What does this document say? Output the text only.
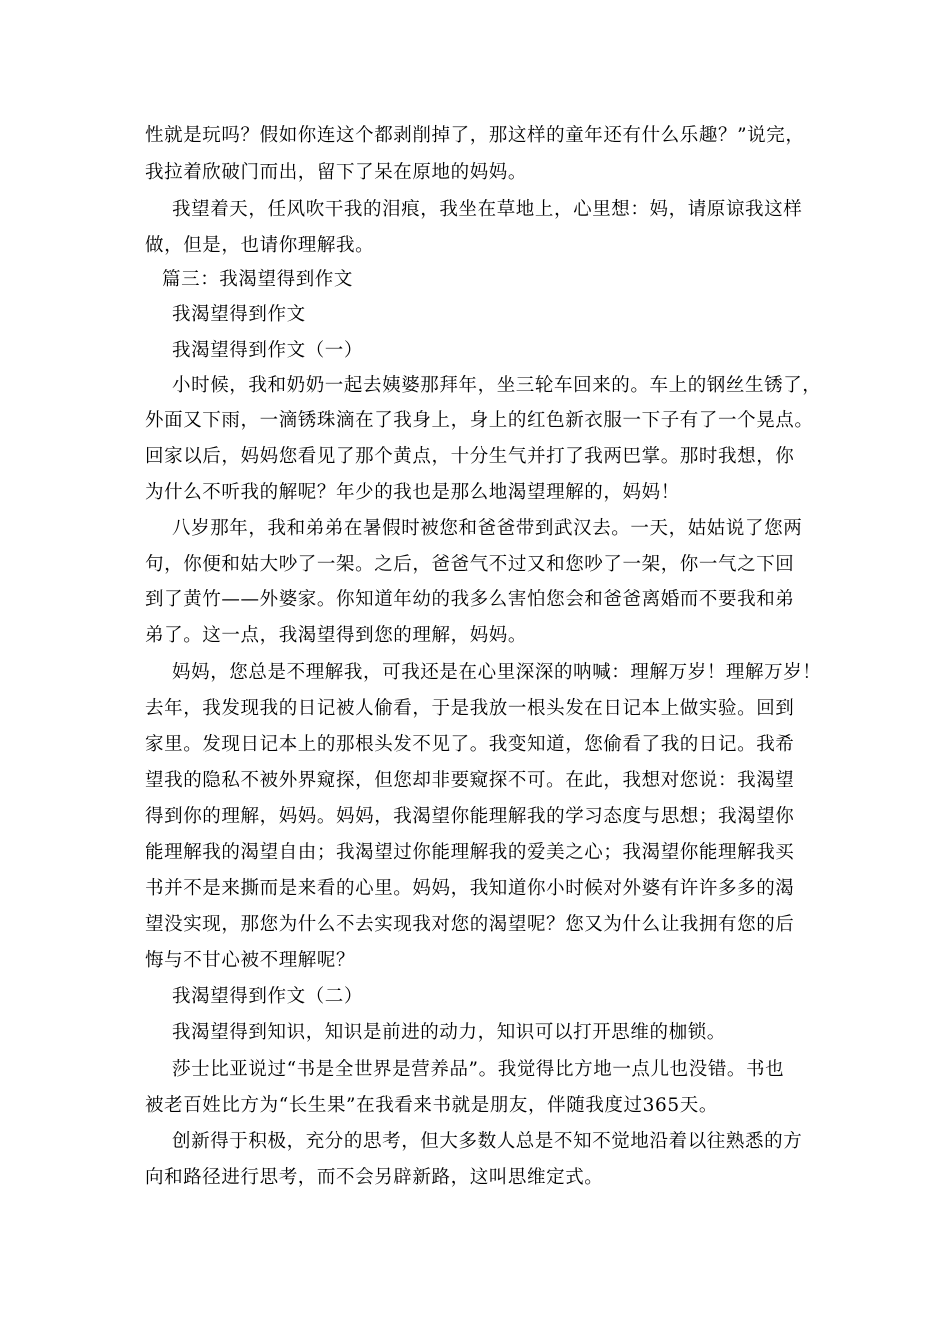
性就是玩吗？假如你连这个都剥削掉了，那这样的童年还有什么乐趣？”说完，
我拉着欣破门而出，留下了呆在原地的妈妈。
我望着天，任风吹干我的泪痕，我坐在草地上，心里想：妈，请原谅我这样
做，但是，也请你理解我。
篇三：我渴望得到作文
我渴望得到作文
我渴望得到作文（一）
小时候，我和奶奶一起去姨婆那拜年，坐三轮车回来的。车上的钢丝生锈了，
外面又下雨，一滴锈珠滴在了我身上，身上的红色新衣服一下子有了一个晃点。
回家以后，妈妈您看见了那个黄点，十分生气并打了我两巴掌。那时我想，你
为什么不听我的解呢？年少的我也是那么地渴望理解的，妈妈！
八岁那年，我和弟弟在暑假时被您和爸爸带到武汉去。一天，姑姑说了您两
句，你便和姑大吵了一架。之后，爸爸气不过又和您吵了一架，你一气之下回
到了黄竹——外婆家。你知道年幼的我多么害怕您会和爸爸离婚而不要我和弟
弟了。这一点，我渴望得到您的理解，妈妈。
妈妈，您总是不理解我，可我还是在心里深深的呐喊：理解万岁！理解万岁！
去年，我发现我的日记被人偷看，于是我放一根头发在日记本上做实验。回到
家里。发现日记本上的那根头发不见了。我变知道，您偷看了我的日记。我希
望我的隐私不被外界窥探，但您却非要窥探不可。在此，我想对您说：我渴望
得到你的理解，妈妈。妈妈，我渴望你能理解我的学习态度与思想；我渴望你
能理解我的渴望自由；我渴望过你能理解我的爱美之心；我渴望你能理解我买
书并不是来撕而是来看的心里。妈妈，我知道你小时候对外婆有许许多多的渴
望没实现，那您为什么不去实现我对您的渴望呢？您又为什么让我拥有您的后
悔与不甘心被不理解呢？
我渴望得到作文（二）
我渴望得到知识，知识是前进的动力，知识可以打开思维的枷锁。
莎士比亚说过“书是全世界是营养品”。我觉得比方地一点儿也没错。书也
被老百姓比方为“长生果”在我看来书就是朋友，伴随我度过365天。
创新得于积极，充分的思考，但大多数人总是不知不觉地沿着以往熟悉的方
向和路径进行思考，而不会另辟新路，这叫思维定式。
